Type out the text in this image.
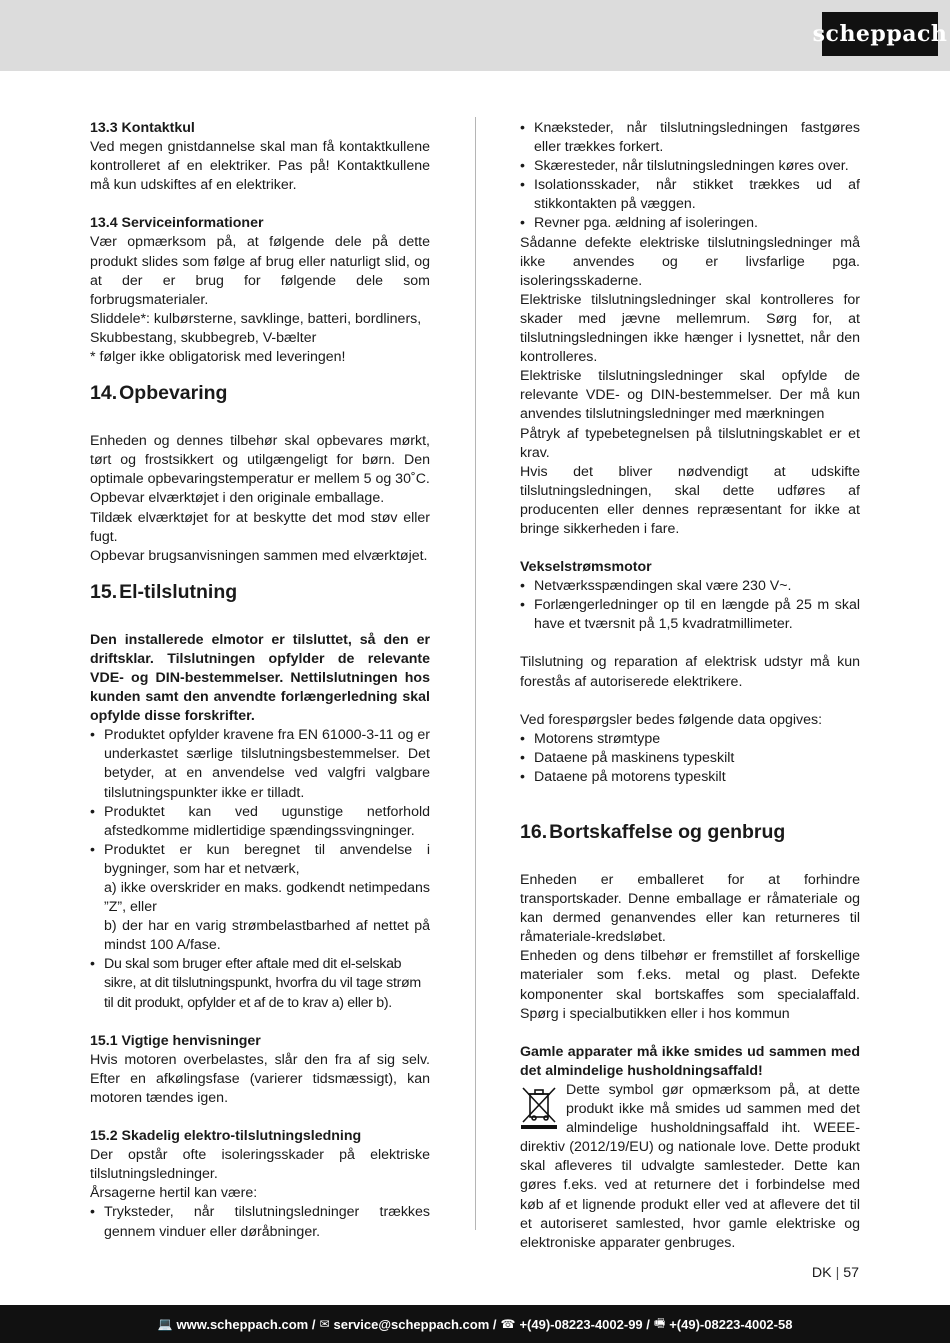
scheppach

13.3 Kontaktkul

Ved megen gnistdannelse skal man få kontaktkullene kontrolleret af en elektriker. Pas på! Kontaktkullene må kun udskiftes af en elektriker.

13.4 Serviceinformationer

Vær opmærksom på, at følgende dele på dette produkt slides som følge af brug eller naturligt slid, og at der er brug for følgende dele som forbrugsmaterialer.

Sliddele*: kulbørsterne, savklinge, batteri, bordliners, Skubbestang, skubbegreb, V-bælter

* følger ikke obligatorisk med leveringen!

14. Opbevaring

Enheden og dennes tilbehør skal opbevares mørkt, tørt og frostsikkert og utilgængeligt for børn. Den optimale opbevaringstemperatur er mellem 5 og 30˚C.

Opbevar elværktøjet i den originale emballage.

Tildæk elværktøjet for at beskytte det mod støv eller fugt.

Opbevar brugsanvisningen sammen med elværktøjet.

15. El-tilslutning

Den installerede elmotor er tilsluttet, så den er driftsklar. Tilslutningen opfylder de relevante VDE- og DIN-bestemmelser. Nettilslutningen hos kunden samt den anvendte forlængerledning skal opfylde disse forskrifter.

• Produktet opfylder kravene fra EN 61000-3-11 og er underkastet særlige tilslutningsbestemmelser. Det betyder, at en anvendelse ved valgfri valgbare tilslutningspunkter ikke er tilladt.
• Produktet kan ved ugunstige netforhold afstedkomme midlertidige spændingssvingninger.

• Produktet er kun beregnet til anvendelse i bygninger, som har et netværk,

a) ikke overskrider en maks. godkendt netimpedans ”Z”, eller

b) der har en varig strømbelastbarhed af nettet på mindst 100 A/fase.

• Du skal som bruger efter aftale med dit el-selskab sikre, at dit tilslutningspunkt, hvorfra du vil tage strøm til dit produkt, opfylder et af de to krav a) eller b).

15.1 Vigtige henvisninger

Hvis motoren overbelastes, slår den fra af sig selv. Efter en afkølingsfase (varierer tidsmæssigt), kan motoren tændes igen.

15.2 Skadelig elektro-tilslutningsledning

Der opstår ofte isoleringsskader på elektriske tilslutningsledninger.

Årsagerne hertil kan være:

• Tryksteder, når tilslutningsledninger trækkes gennem vinduer eller døråbninger.
• Knæksteder, når tilslutningsledningen fastgøres eller trækkes forkert.
• Skæresteder, når tilslutningsledningen køres over.
• Isolationsskader, når stikket trækkes ud af stikkontakten på væggen.
• Revner pga. ældning af isoleringen.

Sådanne defekte elektriske tilslutningsledninger må ikke anvendes og er livsfarlige pga. isoleringsskaderne.

Elektriske tilslutningsledninger skal kontrolleres for skader med jævne mellemrum. Sørg for, at tilslutningsledningen ikke hænger i lysnettet, når den kontrolleres.

Elektriske tilslutningsledninger skal opfylde de relevante VDE- og DIN-bestemmelser. Der må kun anvendes tilslutningsledninger med mærkningen

Påtryk af typebetegnelsen på tilslutningskablet er et krav.

Hvis det bliver nødvendigt at udskifte tilslutningsledningen, skal dette udføres af producenten eller dennes repræsentant for ikke at bringe sikkerheden i fare.

Vekselstrømsmotor

• Netværksspændingen skal være 230 V~.
• Forlængerledninger op til en længde på 25 m skal have et tværsnit på 1,5 kvadratmillimeter.

Tilslutning og reparation af elektrisk udstyr må kun forestås af autoriserede elektrikere.

Ved forespørgsler bedes følgende data opgives:

• Motorens strømtype
• Dataene på maskinens typeskilt
• Dataene på motorens typeskilt
16. Bortskaffelse og genbrug

Enheden er emballeret for at forhindre transportskader. Denne emballage er råmateriale og kan dermed genanvendes eller kan returneres til råmateriale-kredsløbet.

Enheden og dens tilbehør er fremstillet af forskellige materialer som f.eks. metal og plast. Defekte komponenter skal bortskaffes som specialaffald. Spørg i specialbutikken eller i hos kommun

Gamle apparater må ikke smides ud sammen med det almindelige husholdningsaffald!

Dette symbol gør opmærksom på, at dette produkt ikke må smides ud sammen med det almindelige husholdningsaffald iht. WEEE-direktiv (2012/19/EU) og nationale love. Dette produkt skal afleveres til udvalgte samlesteder. Dette kan gøres f.eks. ved at returnere det i forbindelse med køb af et lignende produkt eller ved at aflevere det til et autoriseret samlested, hvor gamle elektriske og elektroniske apparater genbruges.

DK | 57
💻 www.scheppach.com / ✉ service@scheppach.com / ☎ +(49)-08223-4002-99 / 🖷 +(49)-08223-4002-58
